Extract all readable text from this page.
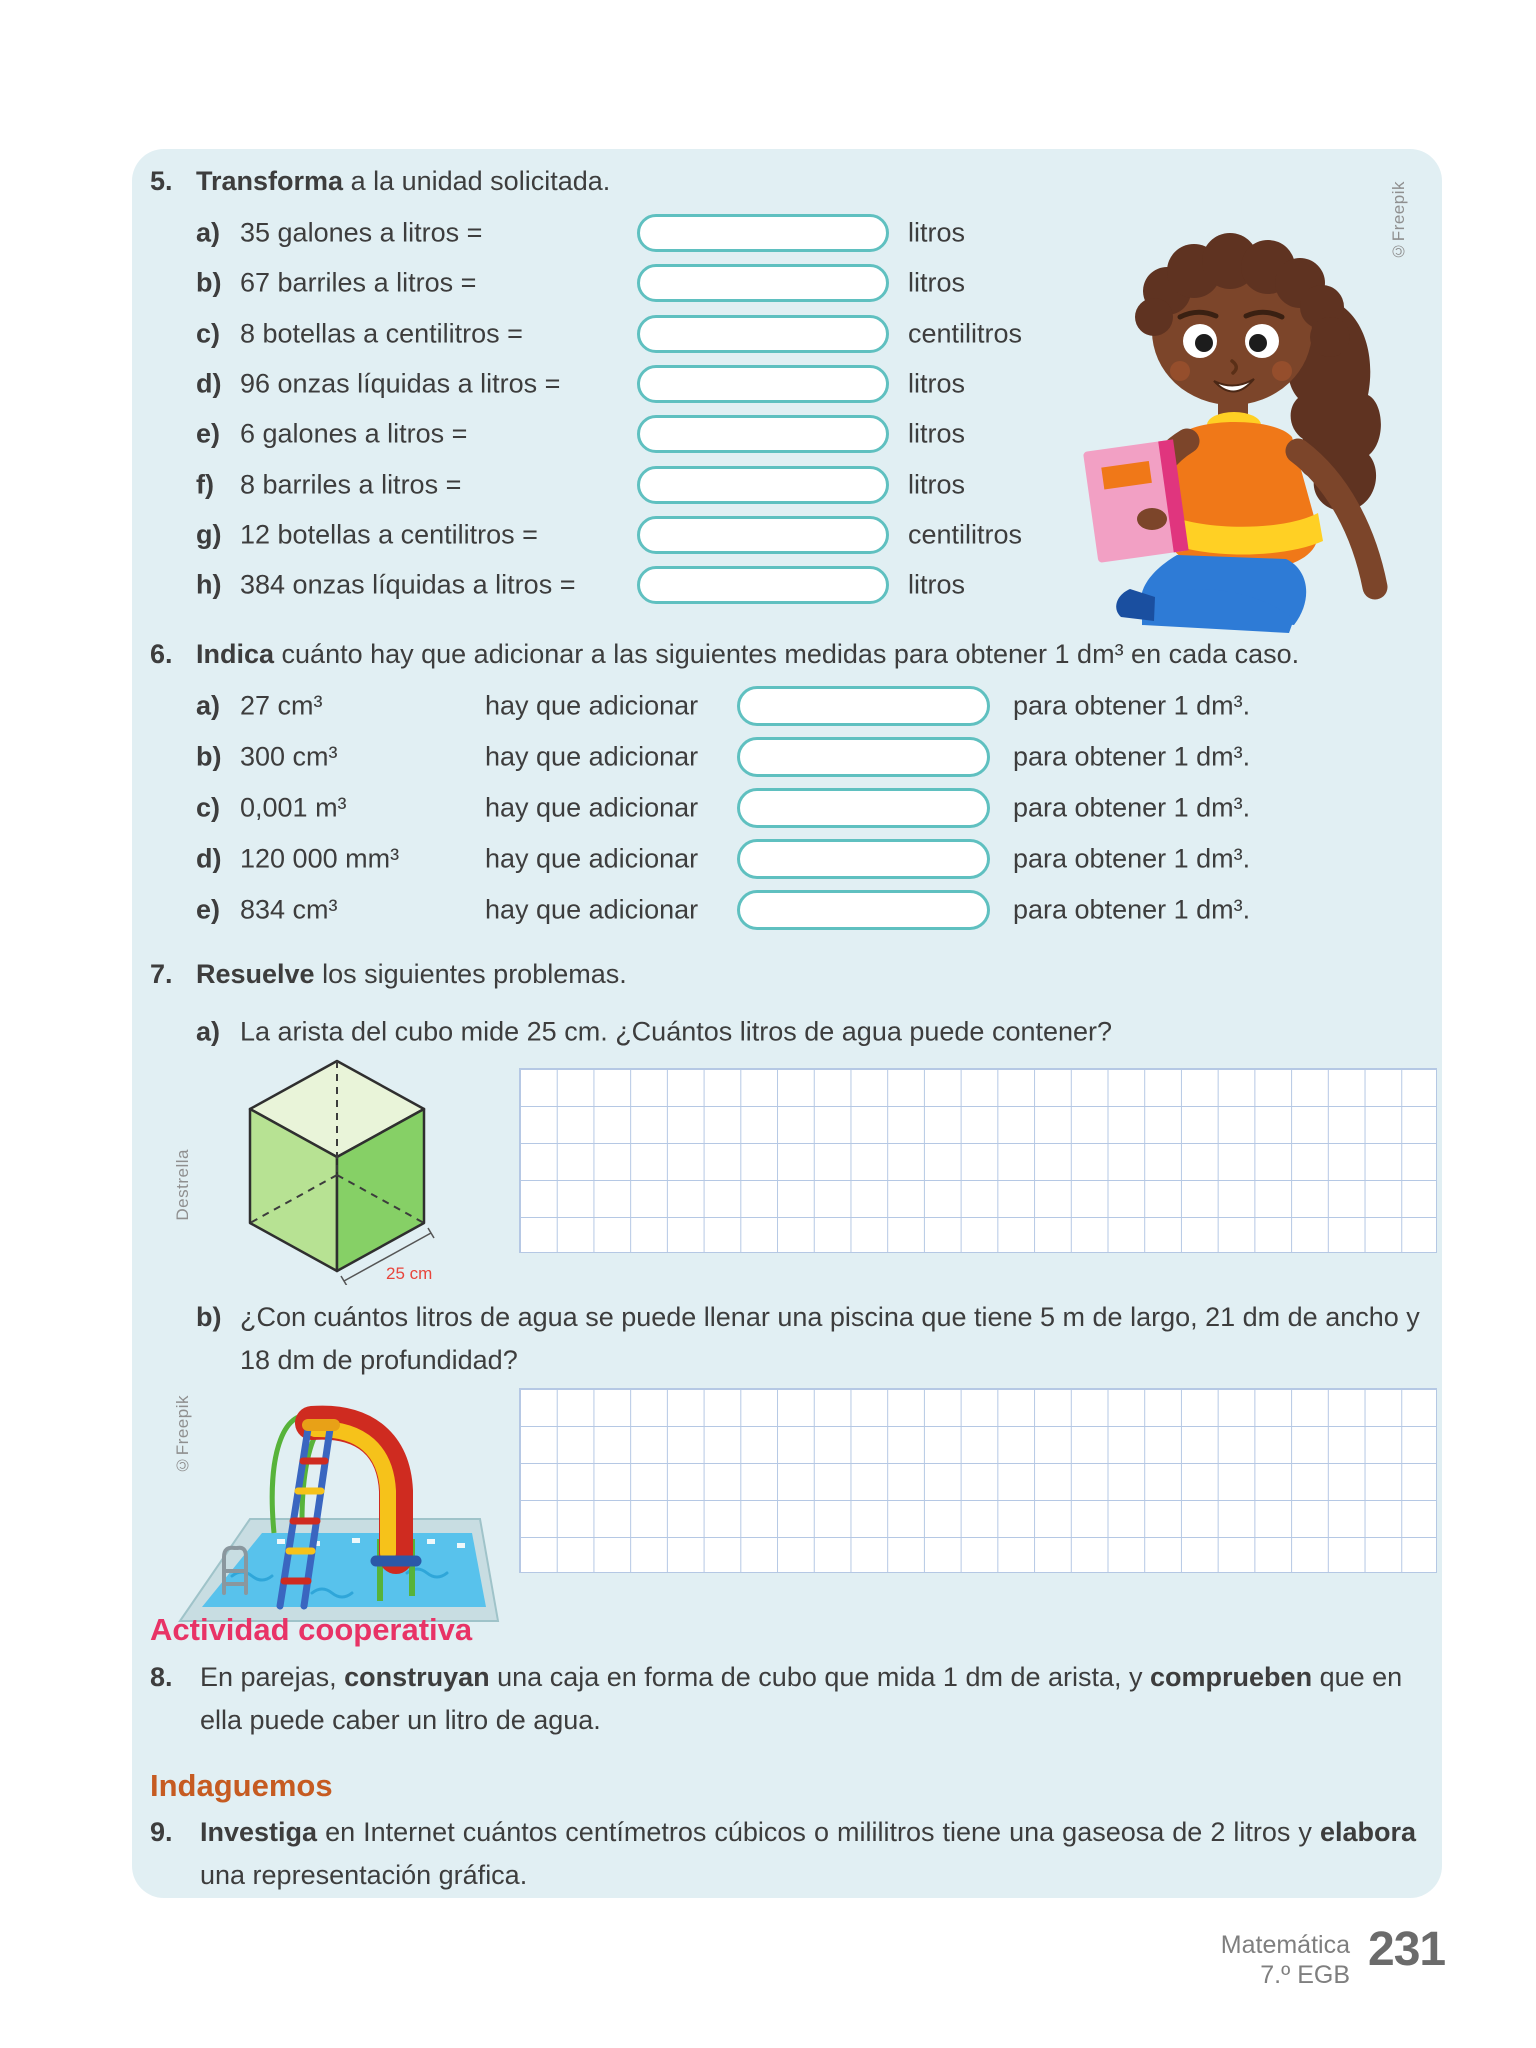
5. Transforma a la unidad solicitada.
a) 35 galones a litros =	litros
b) 67 barriles a litros =	litros
c) 8 botellas a centilitros =	centilitros
d) 96 onzas líquidas a litros =	litros
e) 6 galones a litros =	litros
f) 8 barriles a litros =	litros
g) 12 botellas a centilitros =	centilitros
h) 384 onzas líquidas a litros =	litros
©Freepik
6. Indica cuánto hay que adicionar a las siguientes medidas para obtener 1 dm³ en cada caso.
a) 27 cm³	hay que adicionar	para obtener 1 dm³.
b) 300 cm³	hay que adicionar	para obtener 1 dm³.
c) 0,001 m³	hay que adicionar	para obtener 1 dm³.
d) 120 000 mm³	hay que adicionar	para obtener 1 dm³.
e) 834 cm³	hay que adicionar	para obtener 1 dm³.
7. Resuelve los siguientes problemas.
a) La arista del cubo mide 25 cm. ¿Cuántos litros de agua puede contener?
25 cm
Destrella
b) ¿Con cuántos litros de agua se puede llenar una piscina que tiene 5 m de largo, 21 dm de ancho y 18 dm de profundidad?
©Freepik
Actividad cooperativa
8. En parejas, construyan una caja en forma de cubo que mida 1 dm de arista, y comprueben que en ella puede caber un litro de agua.
Indaguemos
9. Investiga en Internet cuántos centímetros cúbicos o mililitros tiene una gaseosa de 2 litros y elabora una representación gráfica.
Matemática
7.º EGB 231
